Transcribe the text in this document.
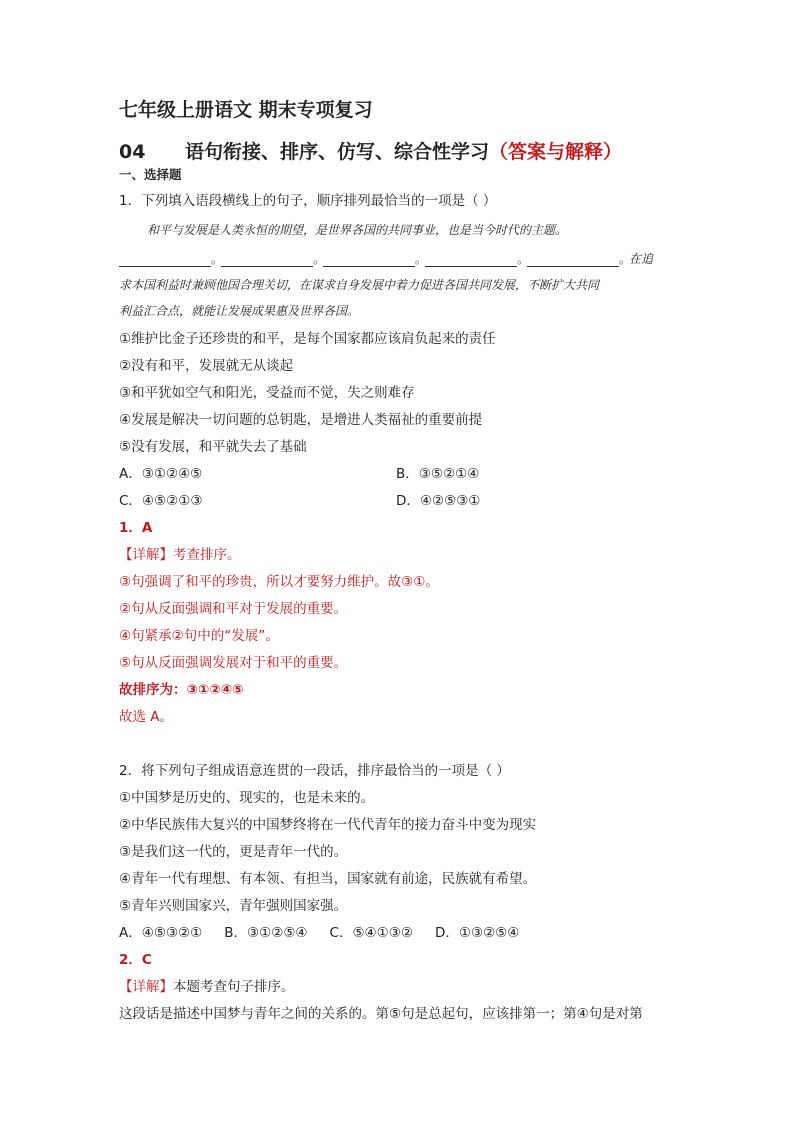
七年级上册语文 期末专项复习
04 语句衔接、排序、仿写、综合性学习（答案与解释）
一、选择题
1．下列填入语段横线上的句子，顺序排列最恰当的一项是（ ）
和平与发展是人类永恒的期望，是世界各国的共同事业，也是当今时代的主题。
。	。	。	。	。在追
求本国利益时兼顾他国合理关切，在谋求自身发展中着力促进各国共同发展，不断扩大共同
利益汇合点，就能让发展成果惠及世界各国。
①维护比金子还珍贵的和平，是每个国家都应该肩负起来的责任
②没有和平，发展就无从谈起
③和平犹如空气和阳光，受益而不觉，失之则难存
④发展是解决一切问题的总钥匙，是增进人类福祉的重要前提
⑤没有发展，和平就失去了基础
A．③①②④⑤	B．③⑤②①④
C．④⑤②①③	D．④②⑤③①
1．A
【详解】考查排序。
③句强调了和平的珍贵，所以才要努力维护。故③①。
②句从反面强调和平对于发展的重要。
④句紧承②句中的“发展”。
⑤句从反面强调发展对于和平的重要。
故排序为：③①②④⑤
故选 A。
2．将下列句子组成语意连贯的一段话，排序最恰当的一项是（ ）
①中国梦是历史的、现实的，也是未来的。
②中华民族伟大复兴的中国梦终将在一代代青年的接力奋斗中变为现实
③是我们这一代的，更是青年一代的。
④青年一代有理想、有本领、有担当，国家就有前途，民族就有希望。
⑤青年兴则国家兴，青年强则国家强。
A．④⑤③②① B．③①②⑤④ C．⑤④①③② D．①③②⑤④
2．C
【详解】本题考查句子排序。
这段话是描述中国梦与青年之间的关系的。第⑤句是总起句，应该排第一；第④句是对第
